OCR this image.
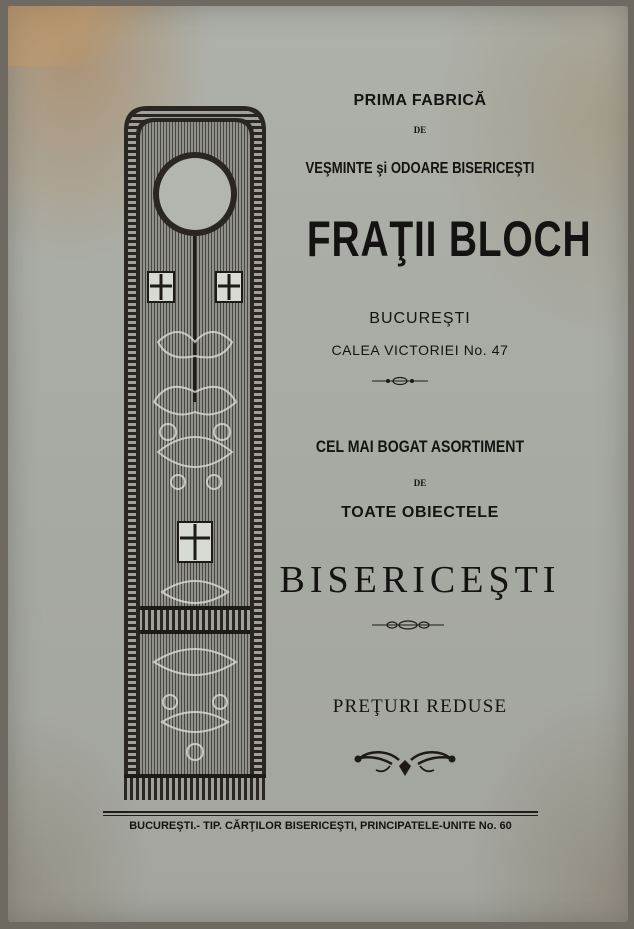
PRIMA FABRICĂ
DE
VEŞMINTE şi ODOARE BISERICEŞTI
FRAŢII BLOCH
BUCUREŞTI
CALEA VICTORIEI No. 47
CEL MAI BOGAT ASORTIMENT
DE
TOATE OBIECTELE
BISERICEŞTI
PREŢURI REDUSE
BUCUREŞTI.- TIP. CĂRŢILOR BISERICEŞTI, PRINCIPATELE-UNITE No. 60
